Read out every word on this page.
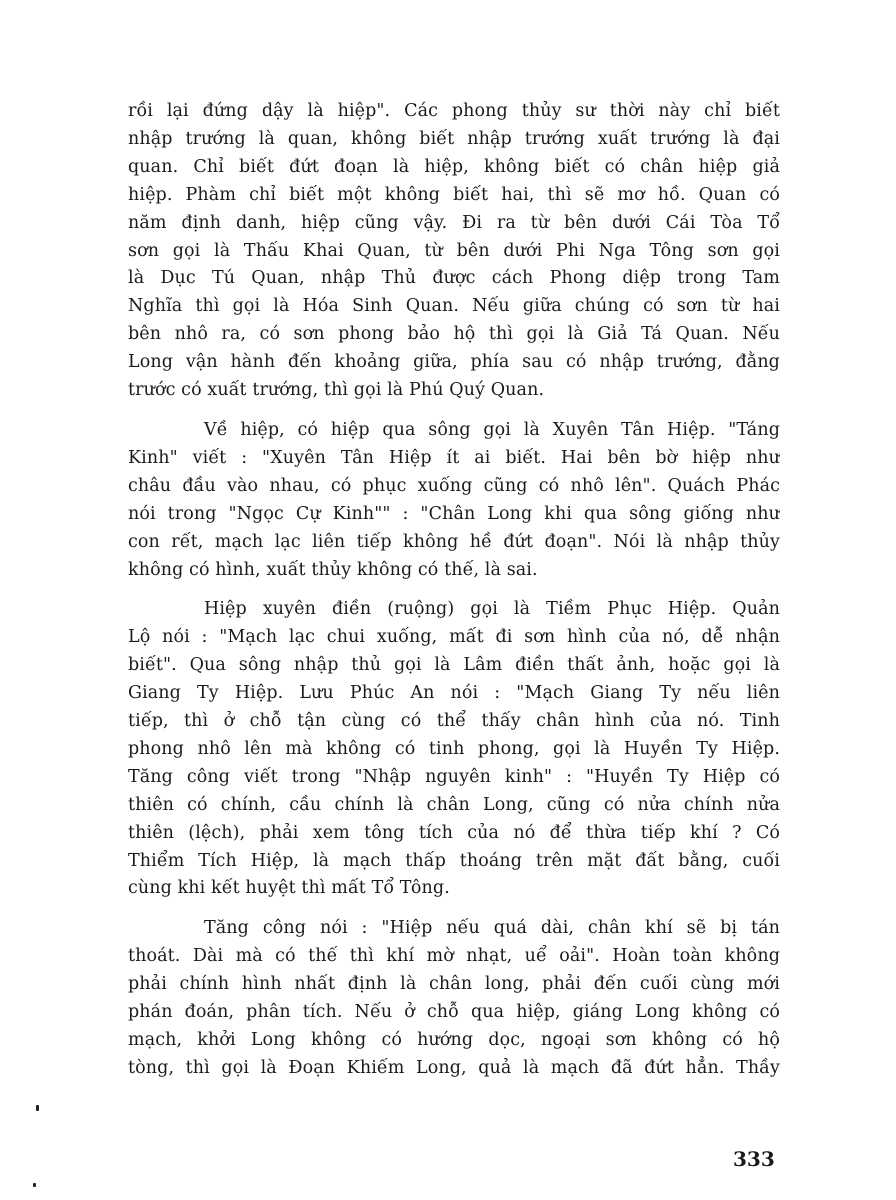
rồi lại đứng dậy là hiệp". Các phong thủy sư thời này chỉ biết
nhập trướng là quan, không biết nhập trướng xuất trướng là đại
quan. Chỉ biết đứt đoạn là hiệp, không biết có chân hiệp giả
hiệp. Phàm chỉ biết một không biết hai, thì sẽ mơ hồ. Quan có
năm định danh, hiệp cũng vậy. Đi ra từ bên dưới Cái Tòa Tổ
sơn gọi là Thấu Khai Quan, từ bên dưới Phi Nga Tông sơn gọi
là Dục Tú Quan, nhập Thủ được cách Phong diệp trong Tam
Nghĩa thì gọi là Hóa Sinh Quan. Nếu giữa chúng có sơn từ hai
bên nhô ra, có sơn phong bảo hộ thì gọi là Giả Tá Quan. Nếu
Long vận hành đến khoảng giữa, phía sau có nhập trướng, đằng
trước có xuất trướng, thì gọi là Phú Quý Quan.
Về hiệp, có hiệp qua sông gọi là Xuyên Tân Hiệp. "Táng
Kinh" viết : "Xuyên Tân Hiệp ít ai biết. Hai bên bờ hiệp như
châu đầu vào nhau, có phục xuống cũng có nhô lên". Quách Phác
nói trong "Ngọc Cự Kinh"" : "Chân Long khi qua sông giống như
con rết, mạch lạc liên tiếp không hề đứt đoạn". Nói là nhập thủy
không có hình, xuất thủy không có thế, là sai.
Hiệp xuyên điền (ruộng) gọi là Tiềm Phục Hiệp. Quản
Lộ nói : "Mạch lạc chui xuống, mất đi sơn hình của nó, dễ nhận
biết". Qua sông nhập thủ gọi là Lâm điền thất ảnh, hoặc gọi là
Giang Ty Hiệp. Lưu Phúc An nói : "Mạch Giang Ty nếu liên
tiếp, thì ở chỗ tận cùng có thể thấy chân hình của nó. Tinh
phong nhô lên mà không có tinh phong, gọi là Huyền Ty Hiệp.
Tăng công viết trong "Nhập nguyên kinh" : "Huyền Ty Hiệp có
thiên có chính, cầu chính là chân Long, cũng có nửa chính nửa
thiên (lệch), phải xem tông tích của nó để thừa tiếp khí ? Có
Thiểm Tích Hiệp, là mạch thấp thoáng trên mặt đất bằng, cuối
cùng khi kết huyệt thì mất Tổ Tông.
Tăng công nói : "Hiệp nếu quá dài, chân khí sẽ bị tán
thoát. Dài mà có thế thì khí mờ nhạt, uể oải". Hoàn toàn không
phải chính hình nhất định là chân long, phải đến cuối cùng mới
phán đoán, phân tích. Nếu ở chỗ qua hiệp, giáng Long không có
mạch, khởi Long không có hướng dọc, ngoại sơn không có hộ
tòng, thì gọi là Đoạn Khiếm Long, quả là mạch đã đứt hẳn. Thầy
333
